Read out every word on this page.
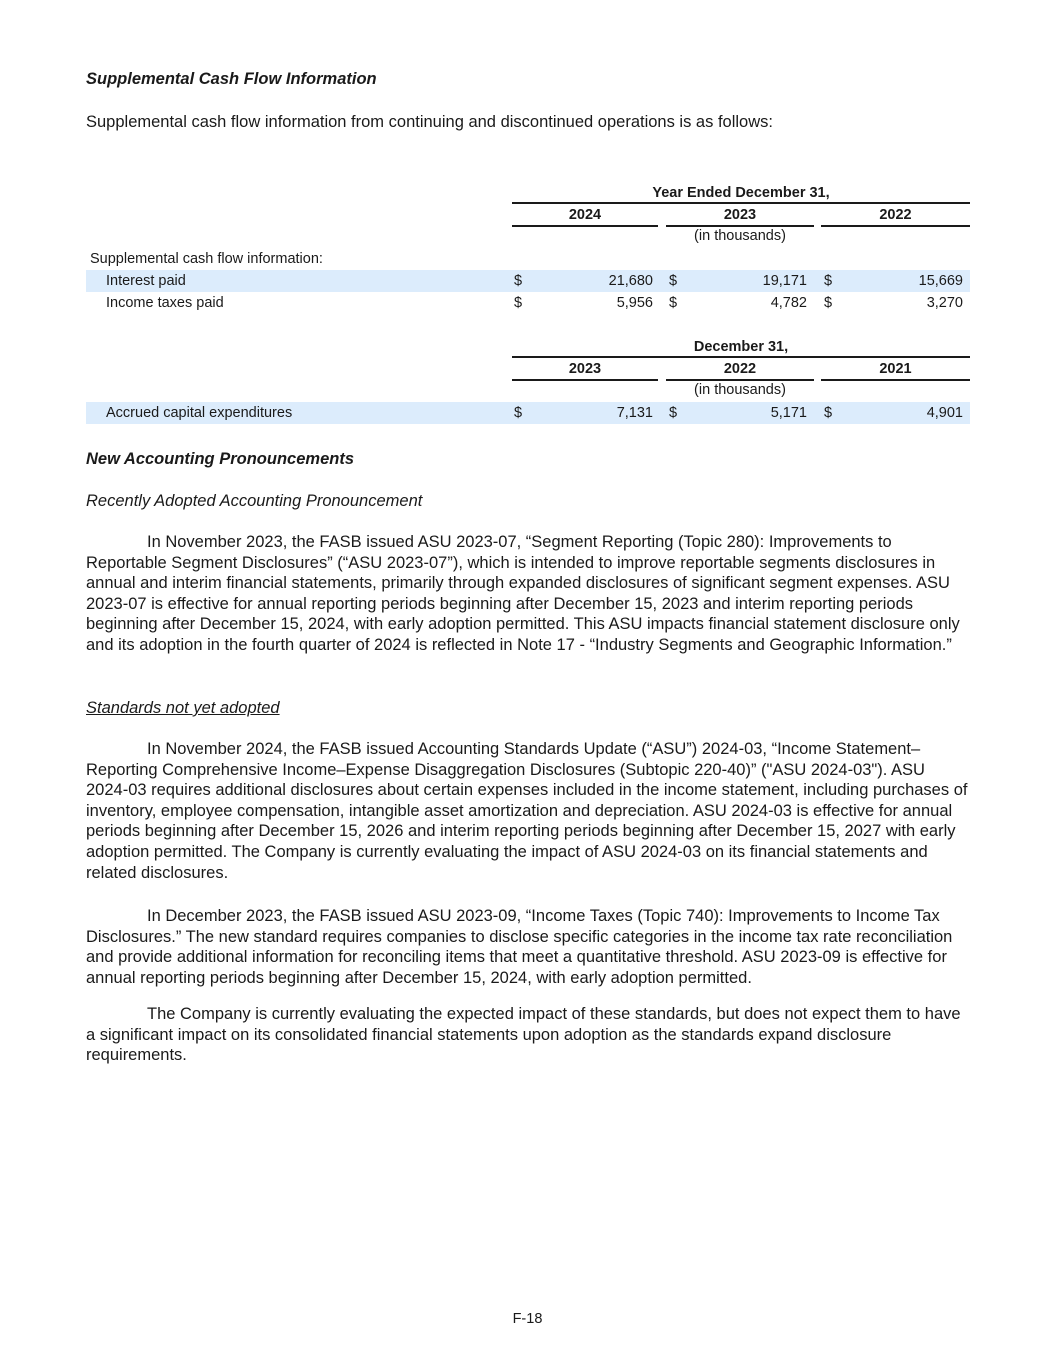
Supplemental Cash Flow Information
Supplemental cash flow information from continuing and discontinued operations is as follows:
Year Ended December 31,
2024	2023	2022
(in thousands)
Supplemental cash flow information:
Interest paid	$	21,680 $	19,171 $	15,669
Income taxes paid	$	5,956 $	4,782 $	3,270
December 31,
2023	2022	2021
(in thousands)
Accrued capital expenditures	$	7,131 $	5,171 $	4,901
New Accounting Pronouncements
Recently Adopted Accounting Pronouncement
In November 2023, the FASB issued ASU 2023-07, “Segment Reporting (Topic 280): Improvements to Reportable Segment Disclosures” (“ASU 2023-07”), which is intended to improve reportable segments disclosures in annual and interim financial statements, primarily through expanded disclosures of significant segment expenses. ASU 2023-07 is effective for annual reporting periods beginning after December 15, 2023 and interim reporting periods beginning after December 15, 2024, with early adoption permitted. This ASU impacts financial statement disclosure only and its adoption in the fourth quarter of 2024 is reflected in Note 17 - “Industry Segments and Geographic Information.”
Standards not yet adopted
In November 2024, the FASB issued Accounting Standards Update (“ASU”) 2024-03, “Income Statement–Reporting Comprehensive Income–Expense Disaggregation Disclosures (Subtopic 220-40)” ("ASU 2024-03"). ASU 2024-03 requires additional disclosures about certain expenses included in the income statement, including purchases of inventory, employee compensation, intangible asset amortization and depreciation. ASU 2024-03 is effective for annual periods beginning after December 15, 2026 and interim reporting periods beginning after December 15, 2027 with early adoption permitted. The Company is currently evaluating the impact of ASU 2024-03 on its financial statements and related disclosures.
In December 2023, the FASB issued ASU 2023-09, “Income Taxes (Topic 740): Improvements to Income Tax Disclosures.” The new standard requires companies to disclose specific categories in the income tax rate reconciliation and provide additional information for reconciling items that meet a quantitative threshold. ASU 2023-09 is effective for annual reporting periods beginning after December 15, 2024, with early adoption permitted.
The Company is currently evaluating the expected impact of these standards, but does not expect them to have a significant impact on its consolidated financial statements upon adoption as the standards expand disclosure requirements.
F-18
